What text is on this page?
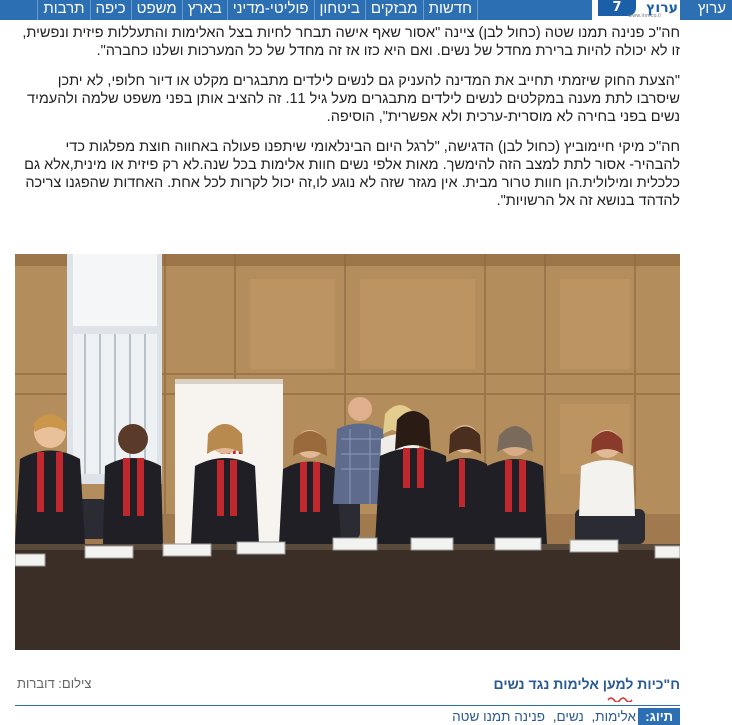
ערוץ
7	ערוץ
www.inn.co.il
חדשות
מבזקים
ביטחון
פוליטי-מדיני
בארץ
משפט
כיפה
תרבות

חה"כ פנינה תמנו שטה (כחול לבן) ציינה "אסור שאף אישה תבחר לחיות בצל האלימות והתעללות פיזית ונפשית, זו לא יכולה להיות ברירת מחדל של נשים. ואם היא כזו אז זה מחדל של כל המערכות ושלנו כחברה".

"הצעת החוק שיזמתי תחייב את המדינה להעניק גם לנשים לילדים מתבגרים מקלט או דיור חלופי, לא יתכן שיסרבו לתת מענה במקלטים לנשים לילדים מתבגרים מעל גיל 11. זה להציב אותן בפני משפט שלמה ולהעמיד נשים בפני בחירה לא מוסרית-ערכית ולא אפשרית", הוסיפה.

חה"כ מיקי חיימוביץ (כחול לבן) הדגישה, "לרגל היום הבינלאומי שיתפנו פעולה באחווה חוצת מפלגות כדי להבהיר- אסור לתת למצב הזה להימשך. מאות אלפי נשים חוות אלימות בכל שנה.לא רק פיזית או מינית,אלא גם כלכלית ומילולית.הן חוות טרור מבית. אין מגזר שזה לא נוגע לו,זה יכול לקרות לכל אחת. האחדות שהפגנו צריכה להדהד בנושא זה אל הרשויות".

ח"כיות למען אלימות נגד נשים
צילום: דוברות
תיוג:
אלימות
,
נשים
,
פנינה תמנו שטה
